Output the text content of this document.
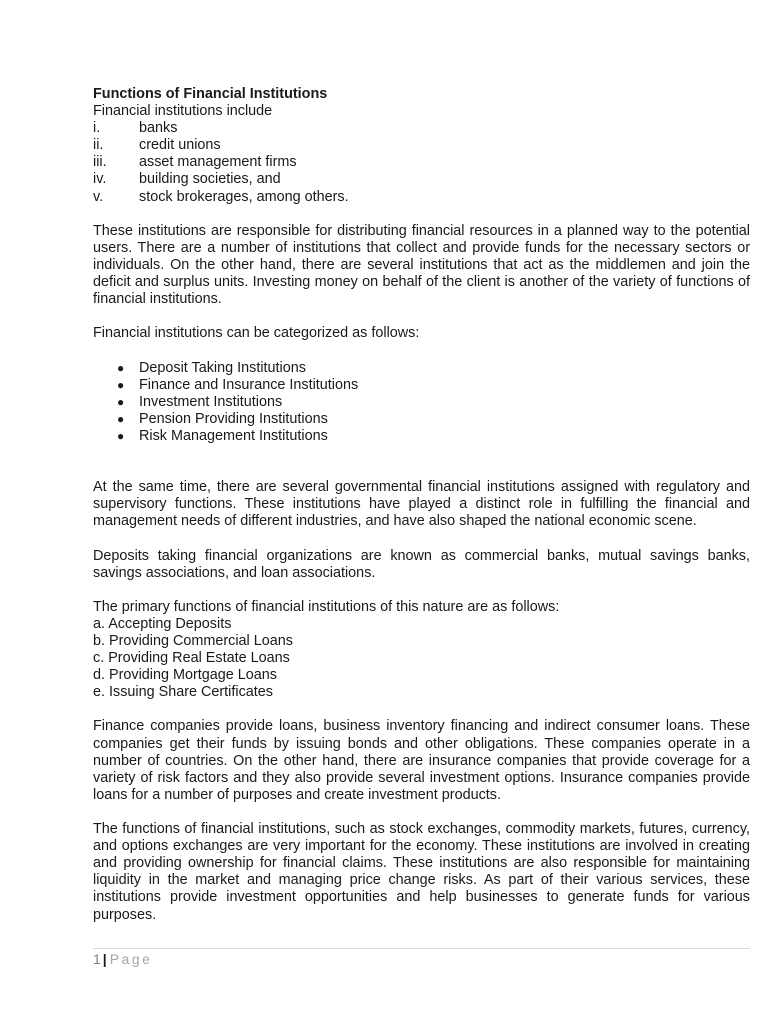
Functions of Financial Institutions

Financial institutions include

i.	banks
ii.	credit unions
iii.	asset management firms
iv.	building societies, and
v.	stock brokerages, among others.

These institutions are responsible for distributing financial resources in a planned way to the potential users. There are a number of institutions that collect and provide funds for the necessary sectors or individuals. On the other hand, there are several institutions that act as the middlemen and join the deficit and surplus units. Investing money on behalf of the client is another of the variety of functions of financial institutions.

Financial institutions can be categorized as follows:

●	Deposit Taking Institutions
●	Finance and Insurance Institutions
●	Investment Institutions
●	Pension Providing Institutions
●	Risk Management Institutions

At the same time, there are several governmental financial institutions assigned with regulatory and supervisory functions. These institutions have played a distinct role in fulfilling the financial and management needs of different industries, and have also shaped the national economic scene.

Deposits taking financial organizations are known as commercial banks, mutual savings banks, savings associations, and loan associations.

The primary functions of financial institutions of this nature are as follows:

a. Accepting Deposits
b. Providing Commercial Loans
c. Providing Real Estate Loans
d. Providing Mortgage Loans
e. Issuing Share Certificates

Finance companies provide loans, business inventory financing and indirect consumer loans. These companies get their funds by issuing bonds and other obligations. These companies operate in a number of countries. On the other hand, there are insurance companies that provide coverage for a variety of risk factors and they also provide several investment options. Insurance companies provide loans for a number of purposes and create investment products.

The functions of financial institutions, such as stock exchanges, commodity markets, futures, currency, and options exchanges are very important for the economy. These institutions are involved in creating and providing ownership for financial claims. These institutions are also responsible for maintaining liquidity in the market and managing price change risks. As part of their various services, these institutions provide investment opportunities and help businesses to generate funds for various purposes.

1 | Page
